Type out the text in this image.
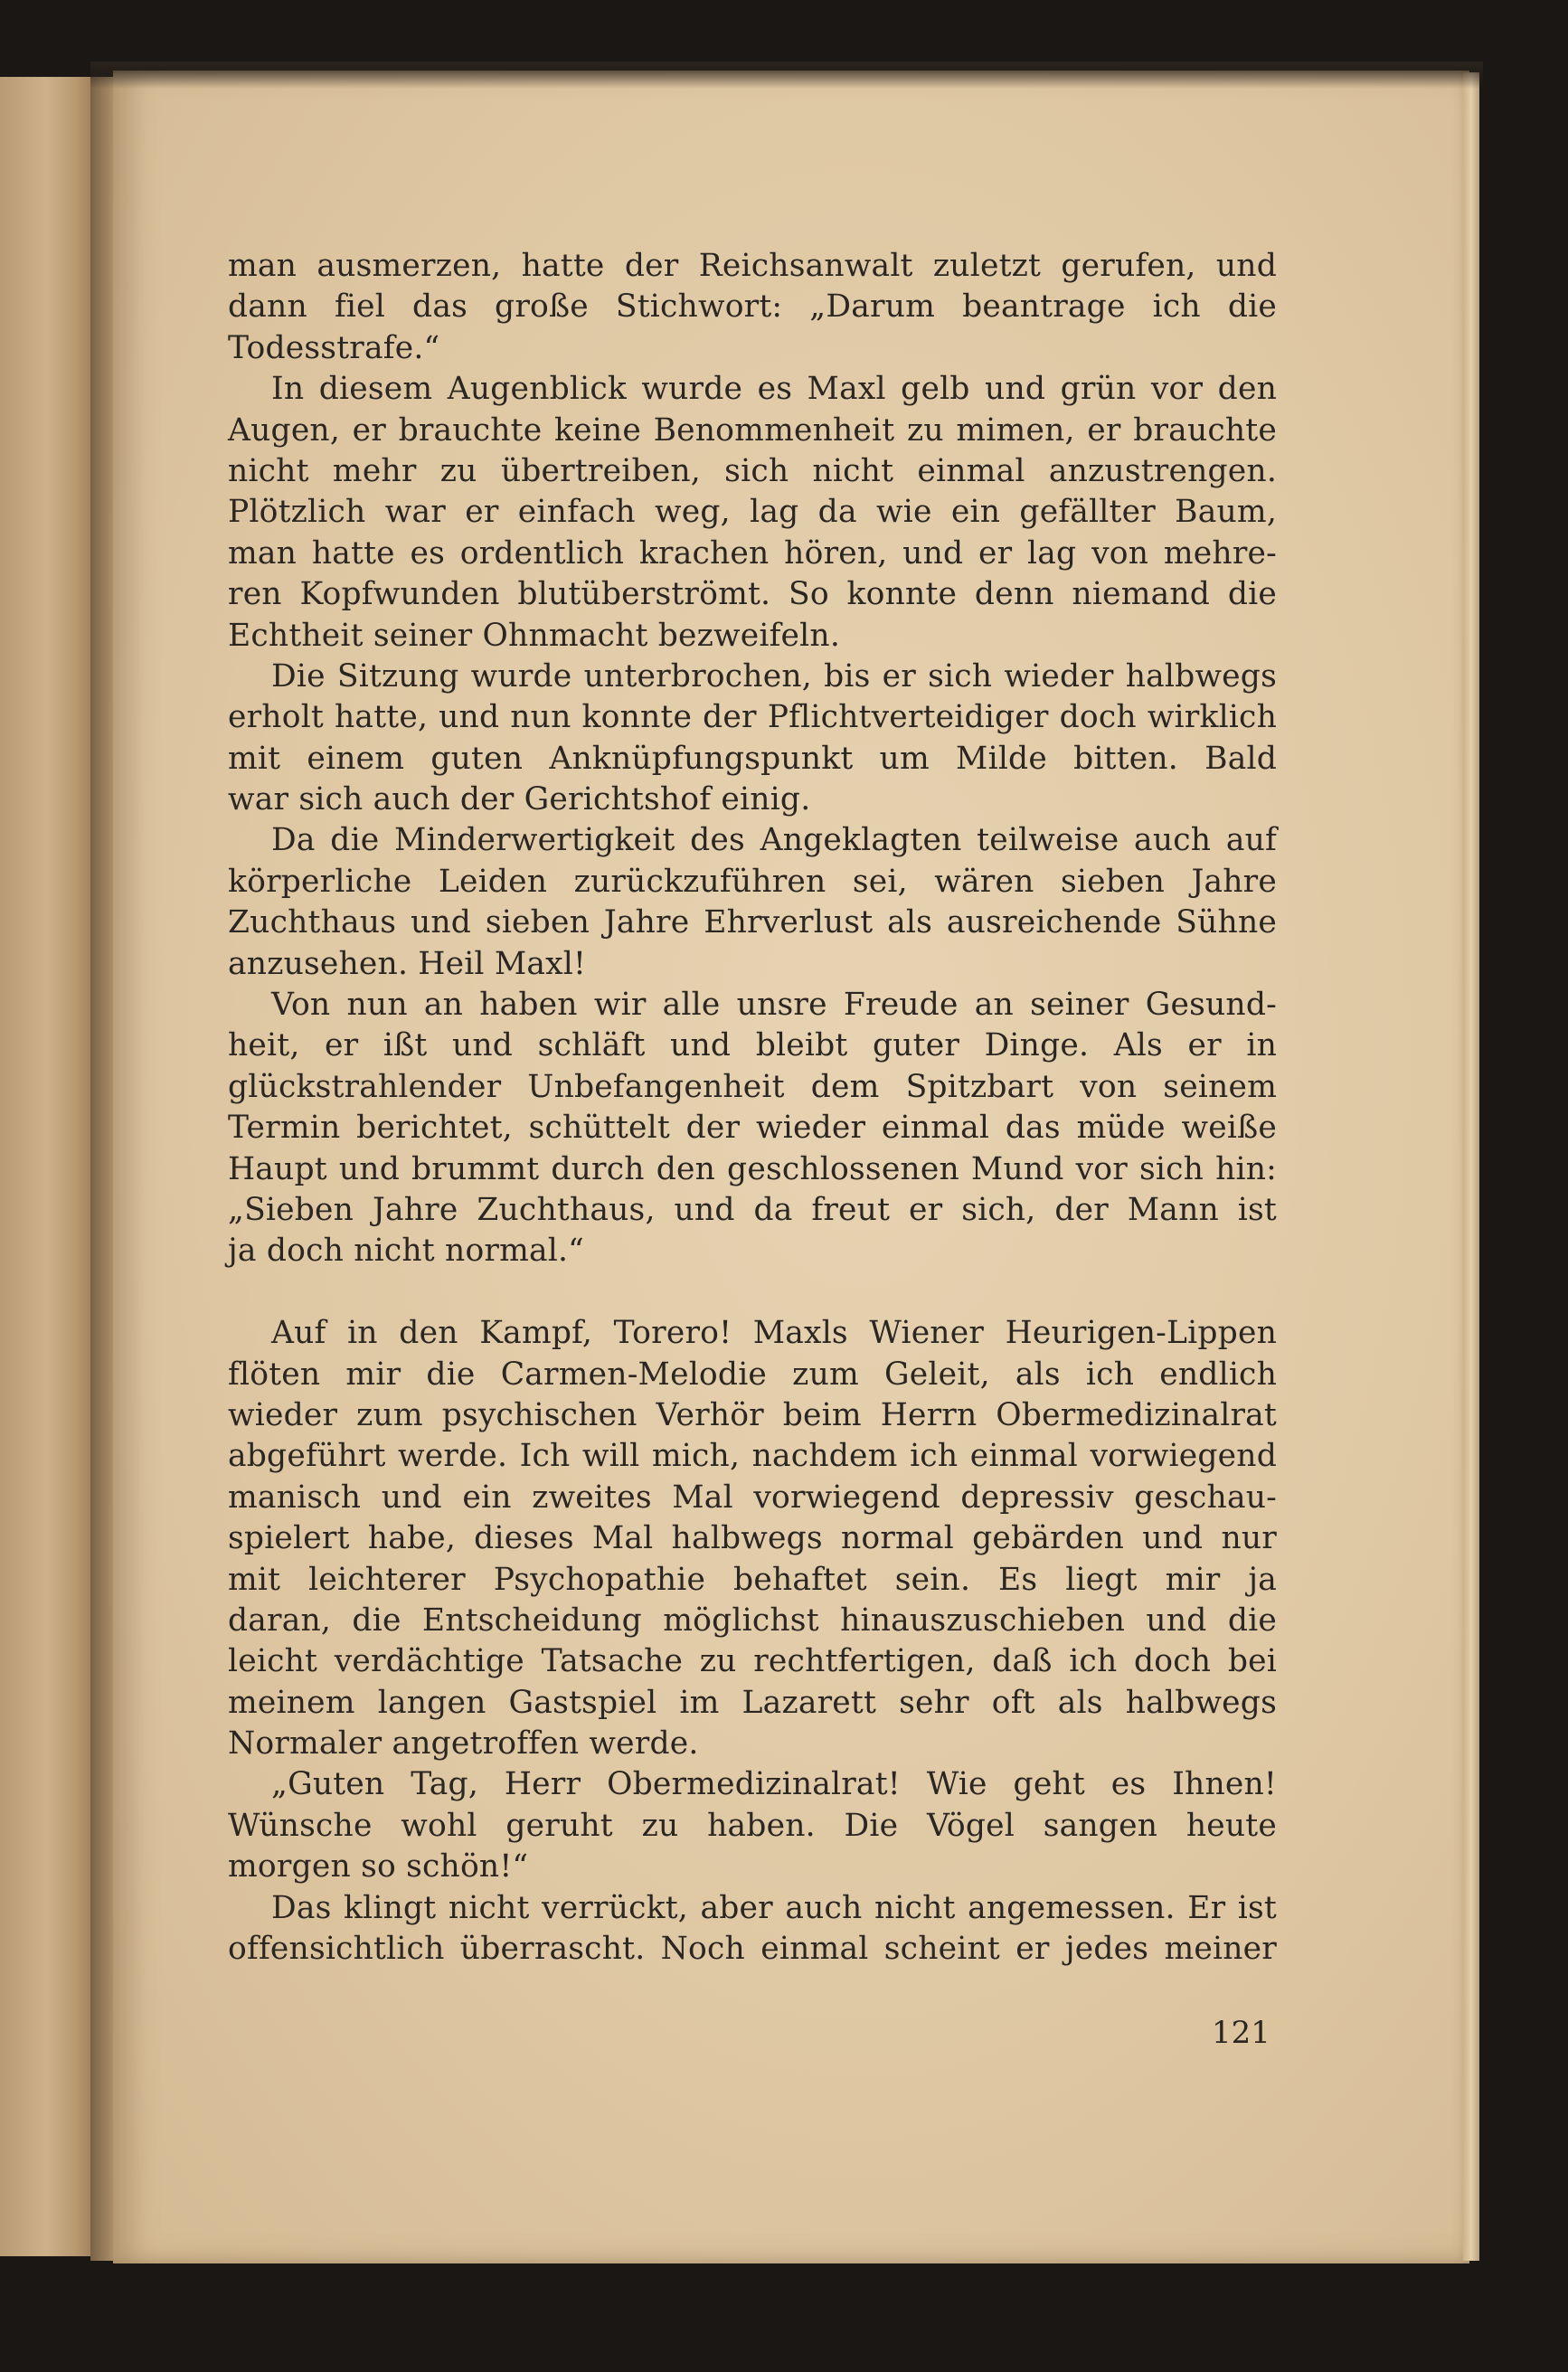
man ausmerzen, hatte der Reichsanwalt zuletzt gerufen, und
dann fiel das große Stichwort: „Darum beantrage ich die
Todesstrafe.“
In diesem Augenblick wurde es Maxl gelb und grün vor den
Augen, er brauchte keine Benommenheit zu mimen, er brauchte
nicht mehr zu übertreiben, sich nicht einmal anzustrengen.
Plötzlich war er einfach weg, lag da wie ein gefällter Baum,
man hatte es ordentlich krachen hören, und er lag von mehre-
ren Kopfwunden blutüberströmt. So konnte denn niemand die
Echtheit seiner Ohnmacht bezweifeln.
Die Sitzung wurde unterbrochen, bis er sich wieder halbwegs
erholt hatte, und nun konnte der Pflichtverteidiger doch wirklich
mit einem guten Anknüpfungspunkt um Milde bitten. Bald
war sich auch der Gerichtshof einig.
Da die Minderwertigkeit des Angeklagten teilweise auch auf
körperliche Leiden zurückzuführen sei, wären sieben Jahre
Zuchthaus und sieben Jahre Ehrverlust als ausreichende Sühne
anzusehen. Heil Maxl!
Von nun an haben wir alle unsre Freude an seiner Gesund-
heit, er ißt und schläft und bleibt guter Dinge. Als er in
glückstrahlender Unbefangenheit dem Spitzbart von seinem
Termin berichtet, schüttelt der wieder einmal das müde weiße
Haupt und brummt durch den geschlossenen Mund vor sich hin:
„Sieben Jahre Zuchthaus, und da freut er sich, der Mann ist
ja doch nicht normal.“
Auf in den Kampf, Torero! Maxls Wiener Heurigen-Lippen
flöten mir die Carmen-Melodie zum Geleit, als ich endlich
wieder zum psychischen Verhör beim Herrn Obermedizinalrat
abgeführt werde. Ich will mich, nachdem ich einmal vorwiegend
manisch und ein zweites Mal vorwiegend depressiv geschau-
spielert habe, dieses Mal halbwegs normal gebärden und nur
mit leichterer Psychopathie behaftet sein. Es liegt mir ja
daran, die Entscheidung möglichst hinauszuschieben und die
leicht verdächtige Tatsache zu rechtfertigen, daß ich doch bei
meinem langen Gastspiel im Lazarett sehr oft als halbwegs
Normaler angetroffen werde.
„Guten Tag, Herr Obermedizinalrat! Wie geht es Ihnen!
Wünsche wohl geruht zu haben. Die Vögel sangen heute
morgen so schön!“
Das klingt nicht verrückt, aber auch nicht angemessen. Er ist
offensichtlich überrascht. Noch einmal scheint er jedes meiner
121
